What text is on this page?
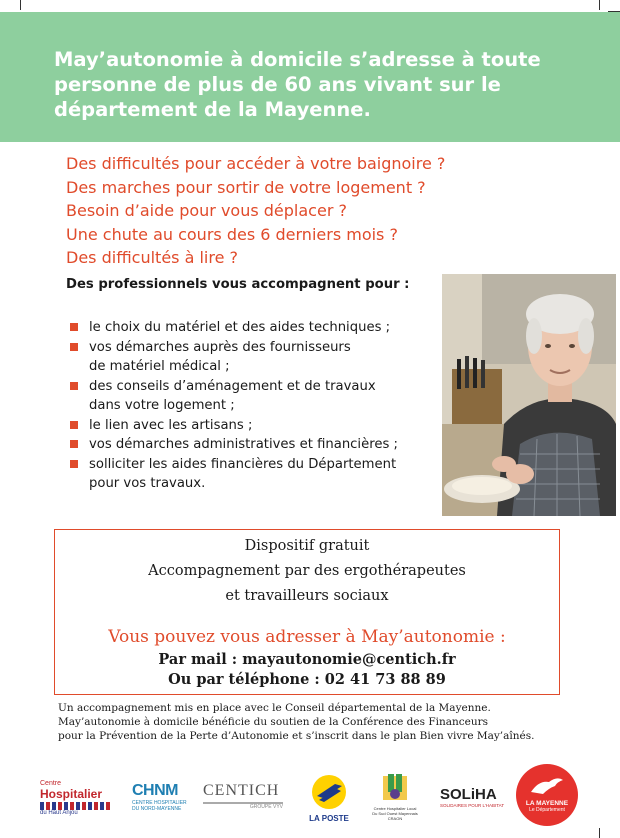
May’autonomie à domicile s’adresse à toute
personne de plus de 60 ans vivant sur le
département de la Mayenne.
Des difficultés pour accéder à votre baignoire ?
Des marches pour sortir de votre logement ?
Besoin d’aide pour vous déplacer ?
Une chute au cours des 6 derniers mois ?
Des difficultés à lire ?
Des professionnels vous accompagnent pour :
le choix du matériel et des aides techniques ;
vos démarches auprès des fournisseurs
de matériel médical ;
des conseils d’aménagement et de travaux
dans votre logement ;
le lien avec les artisans ;
vos démarches administratives et financières ;
solliciter les aides financières du Département
pour vos travaux.
Dispositif gratuit
Accompagnement par des ergothérapeutes
et travailleurs sociaux
Vous pouvez vous adresser à May’autonomie :
Par mail : mayautonomie@centich.fr
Ou par téléphone : 02 41 73 88 89
Un accompagnement mis en place avec le Conseil départemental de la Mayenne.
May’autonomie à domicile bénéficie du soutien de la Conférence des Financeurs
pour la Prévention de la Perte d’Autonomie et s’inscrit dans le plan Bien vivre May’aînés.
Centre
Hospitalier
du Haut Anjou
CHNM
CENTRE HOSPITALIER
DU NORD-MAYENNE
CENTICH
GROUPE VYV
LA POSTE
Centre Hospitalier Local
Du Sud Ouest Mayennais
CRAON
SOLiHA
SOLIDAIRES POUR L’HABITAT	LA MAYENNE
Le Département
